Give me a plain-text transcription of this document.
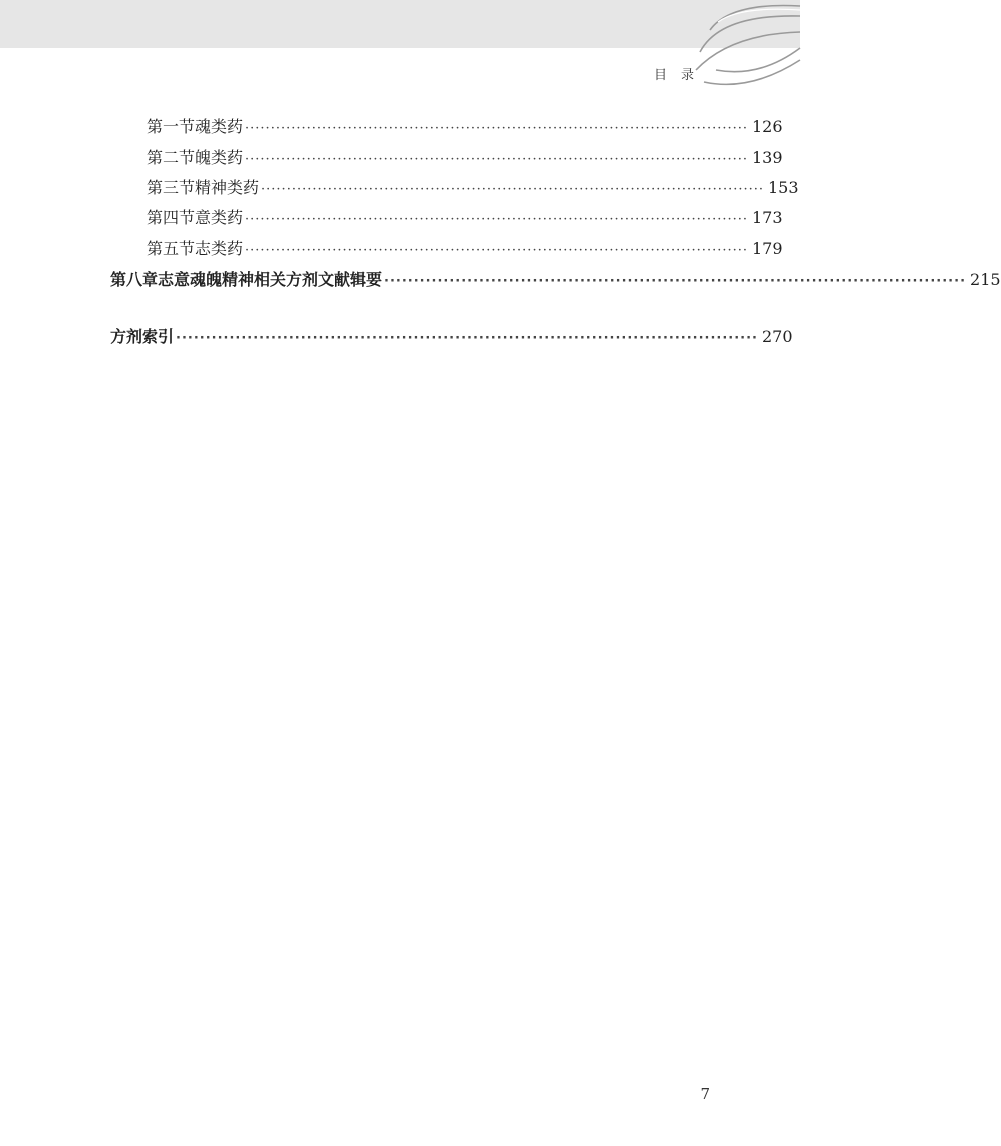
目录
第一节 魂类药 ·································································································· 126
第二节 魄类药 ·································································································· 139
第三节 精神类药 ·································································································· 153
第四节 意类药 ·································································································· 173
第五节 志类药 ·································································································· 179
第八章 志意魂魄精神相关方剂文献辑要 ·································································································· 215
方剂索引 ·································································································· 270
7
